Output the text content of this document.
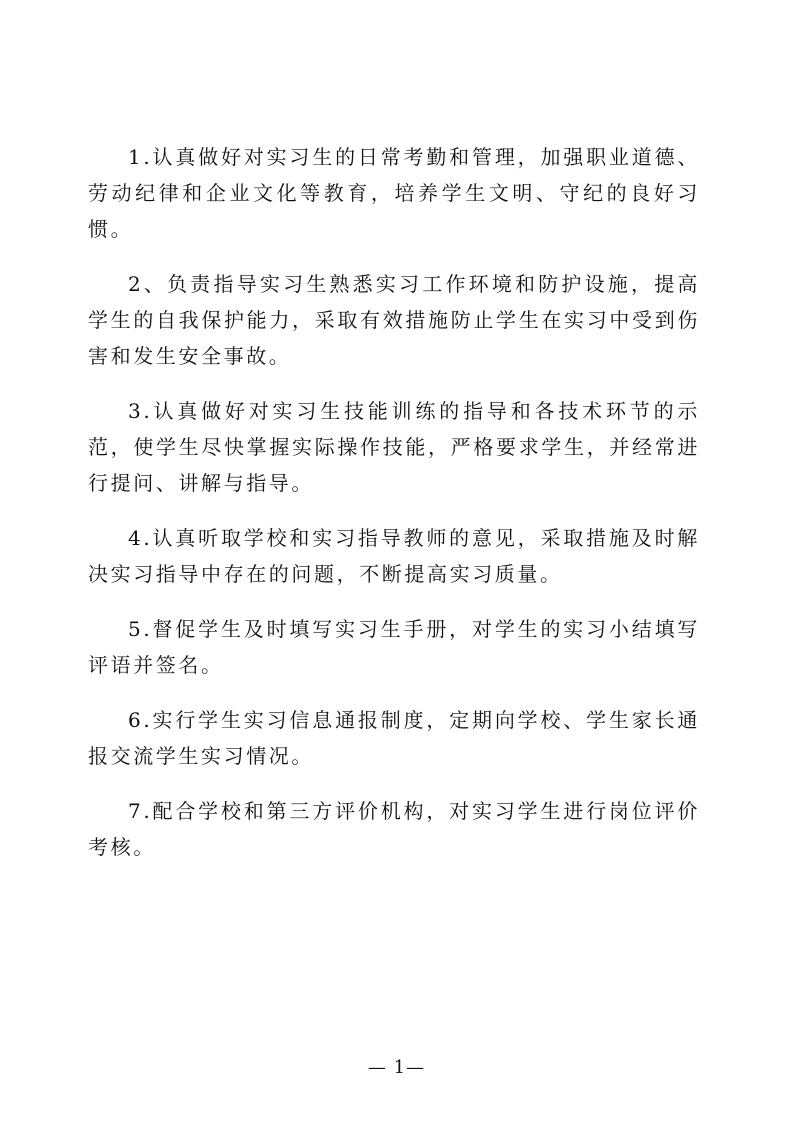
1.认真做好对实习生的日常考勤和管理，加强职业道德、劳动纪律和企业文化等教育，培养学生文明、守纪的良好习惯。

2、负责指导实习生熟悉实习工作环境和防护设施，提高学生的自我保护能力，采取有效措施防止学生在实习中受到伤害和发生安全事故。

3.认真做好对实习生技能训练的指导和各技术环节的示范，使学生尽快掌握实际操作技能，严格要求学生，并经常进行提问、讲解与指导。

4.认真听取学校和实习指导教师的意见，采取措施及时解决实习指导中存在的问题，不断提高实习质量。

5.督促学生及时填写实习生手册，对学生的实习小结填写评语并签名。

6.实行学生实习信息通报制度，定期向学校、学生家长通报交流学生实习情况。

7.配合学校和第三方评价机构，对实习学生进行岗位评价考核。

— 1—
